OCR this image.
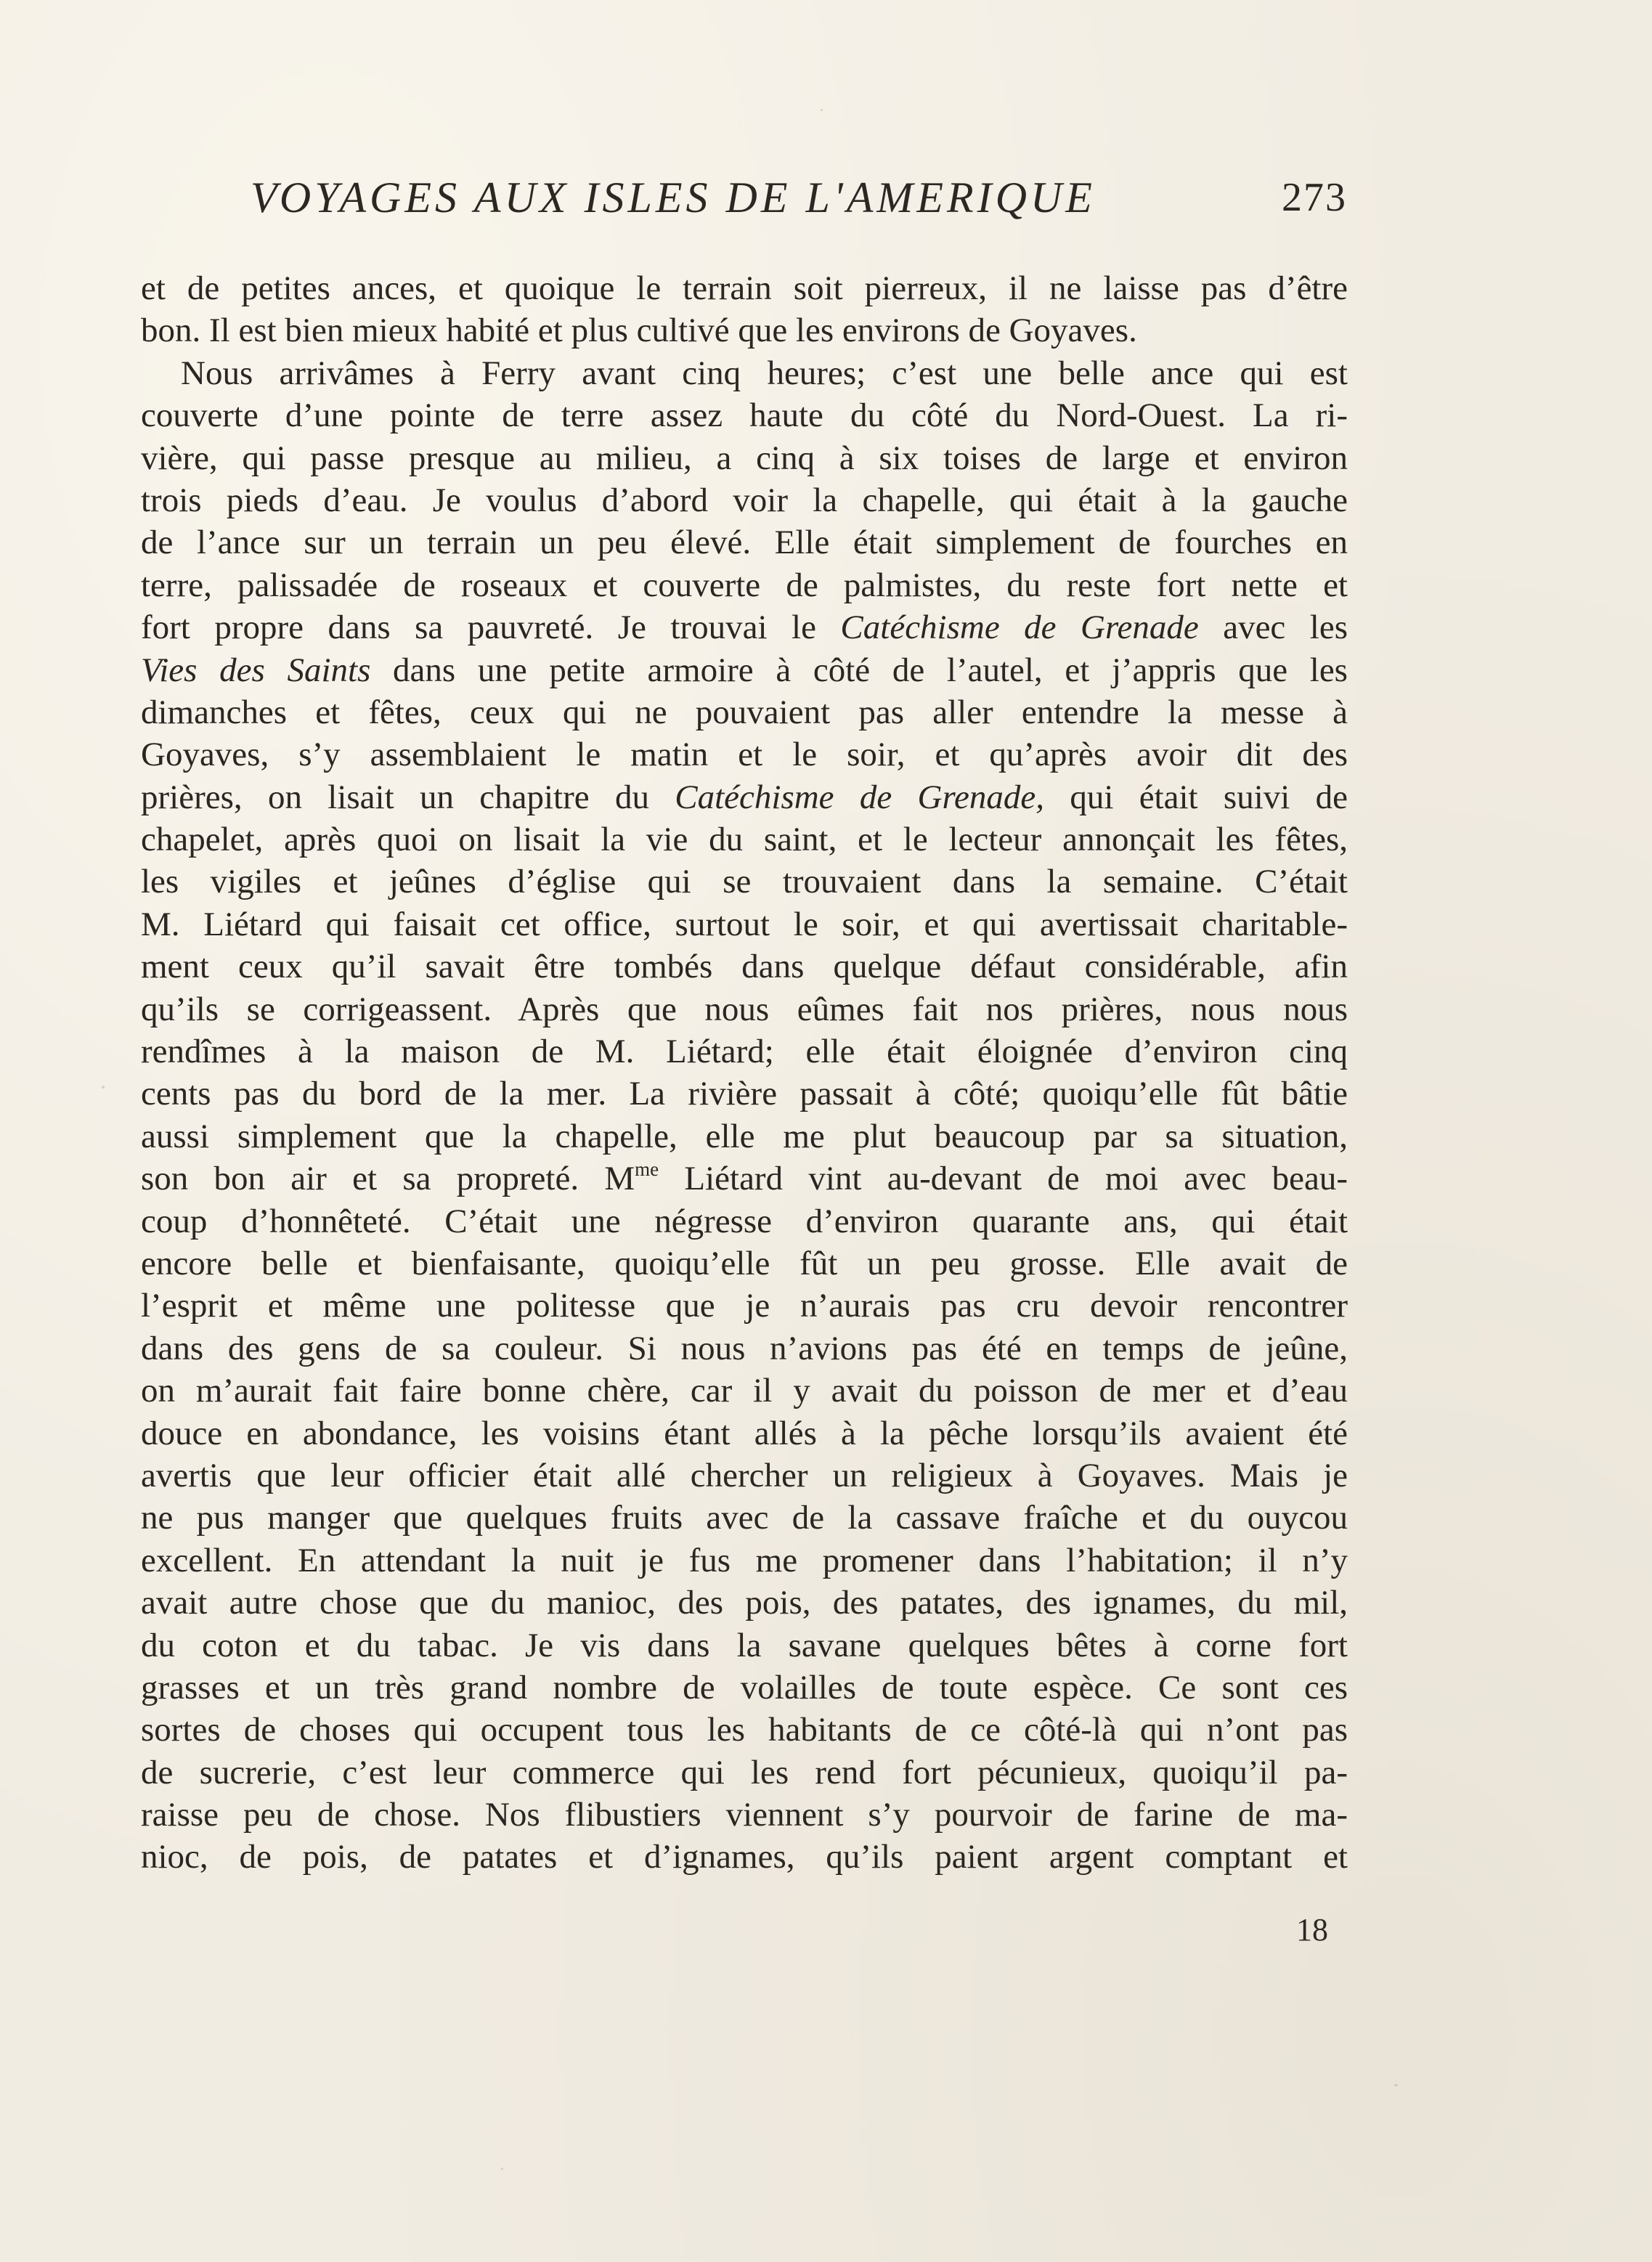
VOYAGES AUX ISLES DE L'AMERIQUE	273
et de petites ances, et quoique le terrain soit pierreux, il ne laisse pas d’être
bon. Il est bien mieux habité et plus cultivé que les environs de Goyaves.
Nous arrivâmes à Ferry avant cinq heures; c’est une belle ance qui est
couverte d’une pointe de terre assez haute du côté du Nord-Ouest. La ri-
vière, qui passe presque au milieu, a cinq à six toises de large et environ
trois pieds d’eau. Je voulus d’abord voir la chapelle, qui était à la gauche
de l’ance sur un terrain un peu élevé. Elle était simplement de fourches en
terre, palissadée de roseaux et couverte de palmistes, du reste fort nette et
fort propre dans sa pauvreté. Je trouvai le Catéchisme de Grenade avec les
Vies des Saints dans une petite armoire à côté de l’autel, et j’appris que les
dimanches et fêtes, ceux qui ne pouvaient pas aller entendre la messe à
Goyaves, s’y assemblaient le matin et le soir, et qu’après avoir dit des
prières, on lisait un chapitre du Catéchisme de Grenade, qui était suivi de
chapelet, après quoi on lisait la vie du saint, et le lecteur annonçait les fêtes,
les vigiles et jeûnes d’église qui se trouvaient dans la semaine. C’était
M. Liétard qui faisait cet office, surtout le soir, et qui avertissait charitable-
ment ceux qu’il savait être tombés dans quelque défaut considérable, afin
qu’ils se corrigeassent. Après que nous eûmes fait nos prières, nous nous
rendîmes à la maison de M. Liétard; elle était éloignée d’environ cinq
cents pas du bord de la mer. La rivière passait à côté; quoiqu’elle fût bâtie
aussi simplement que la chapelle, elle me plut beaucoup par sa situation,
son bon air et sa propreté. $M^{me}$ Liétard vint au-devant de moi avec beau-
coup d’honnêteté. C’était une négresse d’environ quarante ans, qui était
encore belle et bienfaisante, quoiqu’elle fût un peu grosse. Elle avait de
l’esprit et même une politesse que je n’aurais pas cru devoir rencontrer
dans des gens de sa couleur. Si nous n’avions pas été en temps de jeûne,
on m’aurait fait faire bonne chère, car il y avait du poisson de mer et d’eau
douce en abondance, les voisins étant allés à la pêche lorsqu’ils avaient été
avertis que leur officier était allé chercher un religieux à Goyaves. Mais je
ne pus manger que quelques fruits avec de la cassave fraîche et du ouycou
excellent. En attendant la nuit je fus me promener dans l’habitation; il n’y
avait autre chose que du manioc, des pois, des patates, des ignames, du mil,
du coton et du tabac. Je vis dans la savane quelques bêtes à corne fort
grasses et un très grand nombre de volailles de toute espèce. Ce sont ces
sortes de choses qui occupent tous les habitants de ce côté-là qui n’ont pas
de sucrerie, c’est leur commerce qui les rend fort pécunieux, quoiqu’il pa-
raisse peu de chose. Nos flibustiers viennent s’y pourvoir de farine de ma-
nioc, de pois, de patates et d’ignames, qu’ils paient argent comptant et
18
